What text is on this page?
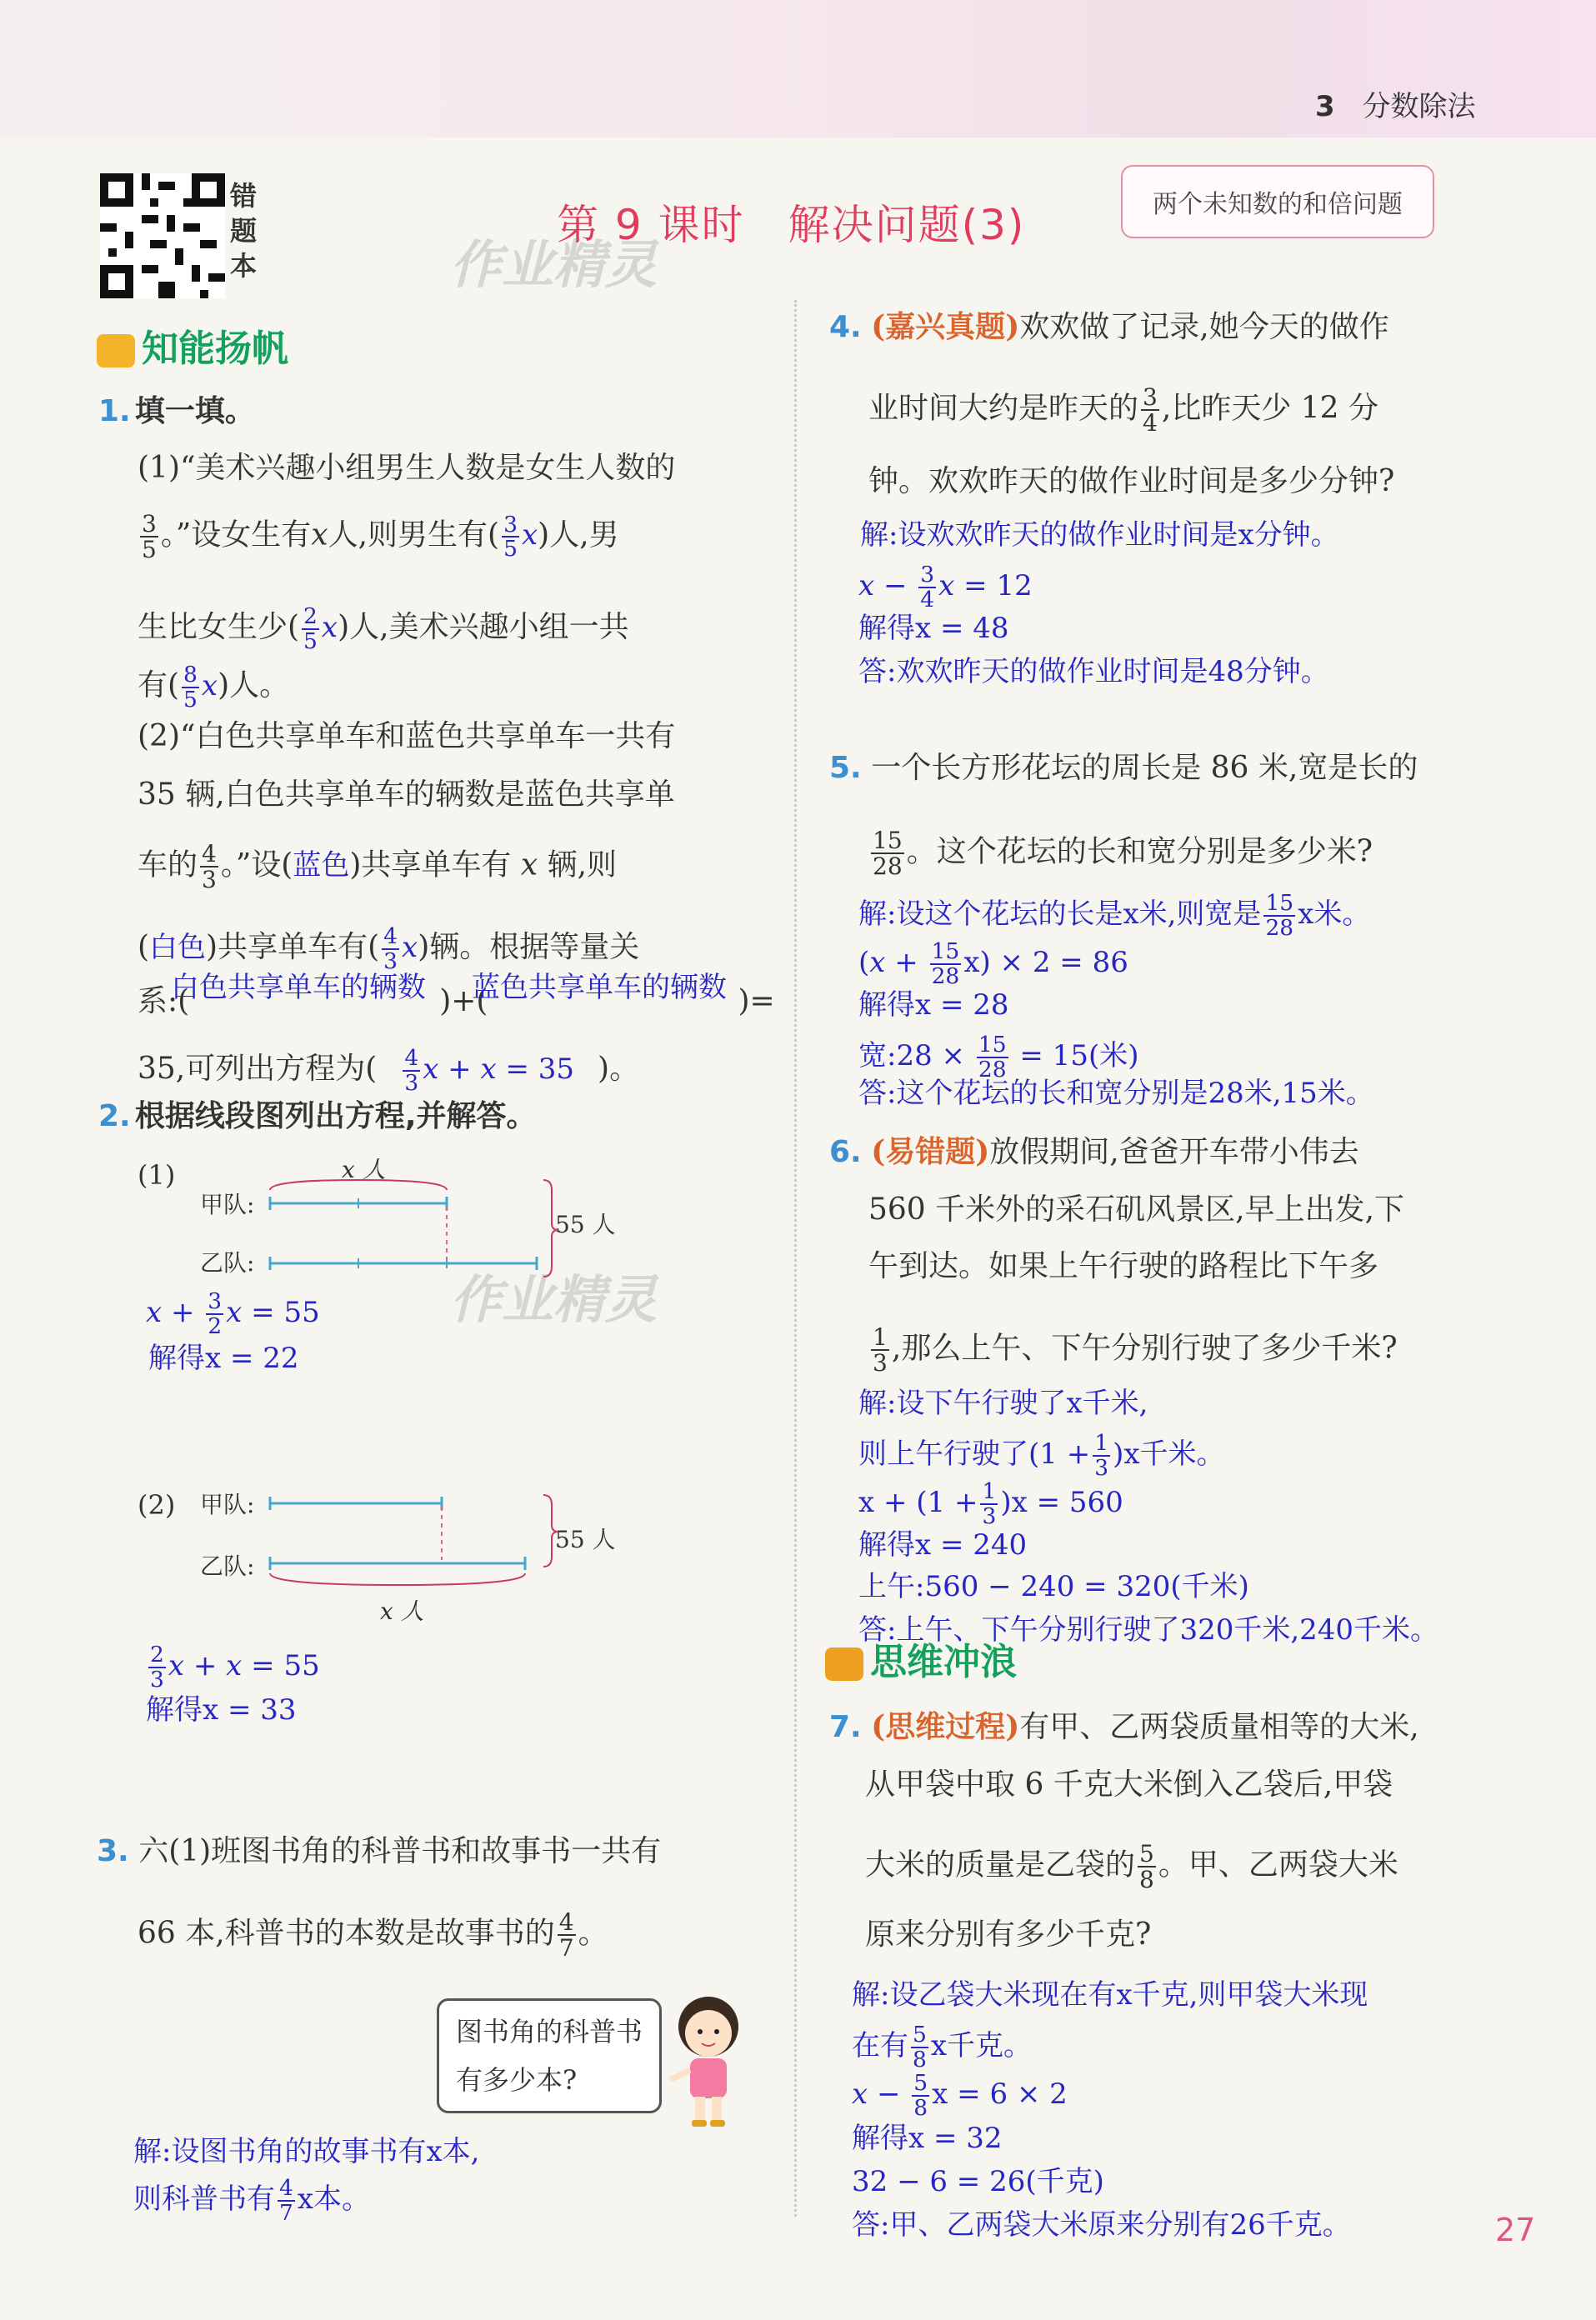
3 分数除法
错题本
第 9 课时　解决问题(3)	两个未知数的和倍问题
作业精灵
作业精灵
知能扬帆
1. 填一填。
(1)“美术兴趣小组男生人数是女生人数的
$\frac{3}{5}$ 。”设女生有x人,则男生有( $\frac{3}{5} x$)人,男
生比女生少( $\frac{2}{5} x$)人,美术兴趣小组一共
有( $\frac{8}{5} x$)人。
(2)“白色共享单车和蓝色共享单车一共有
35 辆,白色共享单车的辆数是蓝色共享单
车的 $\frac{4}{3}$ 。”设(蓝色)共享单车有 x 辆,则
(白色)共享单车有( $\frac{4}{3} x$)辆。根据等量关
系:(	)+(	)=
白色共享单车的辆数 蓝色共享单车的辆数
35,可列出方程为( $\frac{4}{3}$ x + x = 35 )。
2. 根据线段图列出方程,并解答。
(1)
甲队:
乙队:
x 人
55 人
$x + \frac{3}{2}$ x = 55
解得x = 22
(2) 甲队:
乙队:
x 人
55 人
$\frac{2}{3}$ x + x = 55
解得x = 33
3. 六(1)班图书角的科普书和故事书一共有
66 本,科普书的本数是故事书的 $\frac{4}{7}$ 。
图书角的科普书
有多少本?
解:设图书角的故事书有x本,
则科普书有 $\frac{4}{7}$ x本。
4. (嘉兴真题)欢欢做了记录,她今天的做作
业时间大约是昨天的 $\frac{3}{4}$ ,比昨天少 12 分
钟。欢欢昨天的做作业时间是多少分钟?
解:设欢欢昨天的做作业时间是x分钟。
$x - \frac{3}{4}$ x = 12
解得x = 48
答:欢欢昨天的做作业时间是48分钟。
5. 一个长方形花坛的周长是 86 米,宽是长的
$\frac{15}{28}$ 。这个花坛的长和宽分别是多少米?
解:设这个花坛的长是x米,则宽是 $\frac{15}{28}$ x米。
$(x + \frac{15}{28} x) \times 2 = 86$
解得x = 28
宽:28 × $\frac{15}{28} = 15$(米)
答:这个花坛的长和宽分别是28米,15米。
6. (易错题)放假期间,爸爸开车带小伟去
560 千米外的采石矶风景区,早上出发,下
午到达。如果上午行驶的路程比下午多
$\frac{1}{3}$ ,那么上午、下午分别行驶了多少千米?
解:设下午行驶了x千米,
则上午行驶了$(1 + \frac{1}{3} )x$千米。
$x + (1 + \frac{1}{3} )x = 560$
解得x = 240
上午:560 − 240 = 320(千米)
答:上午、下午分别行驶了320千米,240千米。
思维冲浪
7. (思维过程)有甲、乙两袋质量相等的大米,
从甲袋中取 6 千克大米倒入乙袋后,甲袋
大米的质量是乙袋的 $\frac{5}{8}$ 。甲、乙两袋大米
原来分别有多少千克?
解:设乙袋大米现在有x千克,则甲袋大米现
在有 $\frac{5}{8}$ x千克。
$x - \frac{5}{8}$ x = 6 × 2
解得x = 32
32 − 6 = 26(千克)
答:甲、乙两袋大米原来分别有26千克。	27
